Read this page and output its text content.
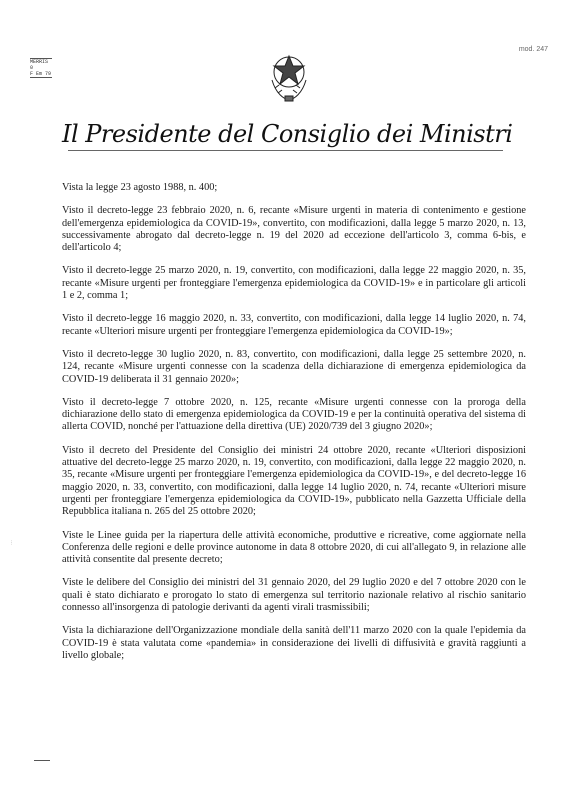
MERRIS 0
F Em 79
mod. 247
Il Presidente del Consiglio dei Ministri

Vista la legge 23 agosto 1988, n. 400;

Visto il decreto-legge 23 febbraio 2020, n. 6, recante «Misure urgenti in materia di contenimento e gestione dell'emergenza epidemiologica da COVID-19», convertito, con modificazioni, dalla legge 5 marzo 2020, n. 13, successivamente abrogato dal decreto-legge n. 19 del 2020 ad eccezione dell'articolo 3, comma 6-bis, e dell'articolo 4;

Visto il decreto-legge 25 marzo 2020, n. 19, convertito, con modificazioni, dalla legge 22 maggio 2020, n. 35, recante «Misure urgenti per fronteggiare l'emergenza epidemiologica da COVID-19» e in particolare gli articoli 1 e 2, comma 1;

Visto il decreto-legge 16 maggio 2020, n. 33, convertito, con modificazioni, dalla legge 14 luglio 2020, n. 74, recante «Ulteriori misure urgenti per fronteggiare l'emergenza epidemiologica da COVID-19»;

Visto il decreto-legge 30 luglio 2020, n. 83, convertito, con modificazioni, dalla legge 25 settembre 2020, n. 124, recante «Misure urgenti connesse con la scadenza della dichiarazione di emergenza epidemiologica da COVID-19 deliberata il 31 gennaio 2020»;

Visto il decreto-legge 7 ottobre 2020, n. 125, recante «Misure urgenti connesse con la proroga della dichiarazione dello stato di emergenza epidemiologica da COVID-19 e per la continuità operativa del sistema di allerta COVID, nonché per l'attuazione della direttiva (UE) 2020/739 del 3 giugno 2020»;

Visto il decreto del Presidente del Consiglio dei ministri 24 ottobre 2020, recante «Ulteriori disposizioni attuative del decreto-legge 25 marzo 2020, n. 19, convertito, con modificazioni, dalla legge 22 maggio 2020, n. 35, recante «Misure urgenti per fronteggiare l'emergenza epidemiologica da COVID-19», e del decreto-legge 16 maggio 2020, n. 33, convertito, con modificazioni, dalla legge 14 luglio 2020, n. 74, recante «Ulteriori misure urgenti per fronteggiare l'emergenza epidemiologica da COVID-19», pubblicato nella Gazzetta Ufficiale della Repubblica italiana n. 265 del 25 ottobre 2020;

Viste le Linee guida per la riapertura delle attività economiche, produttive e ricreative, come aggiornate nella Conferenza delle regioni e delle province autonome in data 8 ottobre 2020, di cui all'allegato 9, in relazione alle attività consentite dal presente decreto;

Viste le delibere del Consiglio dei ministri del 31 gennaio 2020, del 29 luglio 2020 e del 7 ottobre 2020 con le quali è stato dichiarato e prorogato lo stato di emergenza sul territorio nazionale relativo al rischio sanitario connesso all'insorgenza di patologie derivanti da agenti virali trasmissibili;

Vista la dichiarazione dell'Organizzazione mondiale della sanità dell'11 marzo 2020 con la quale l'epidemia da COVID-19 è stata valutata come «pandemia» in considerazione dei livelli di diffusività e gravità raggiunti a livello globale;

…
